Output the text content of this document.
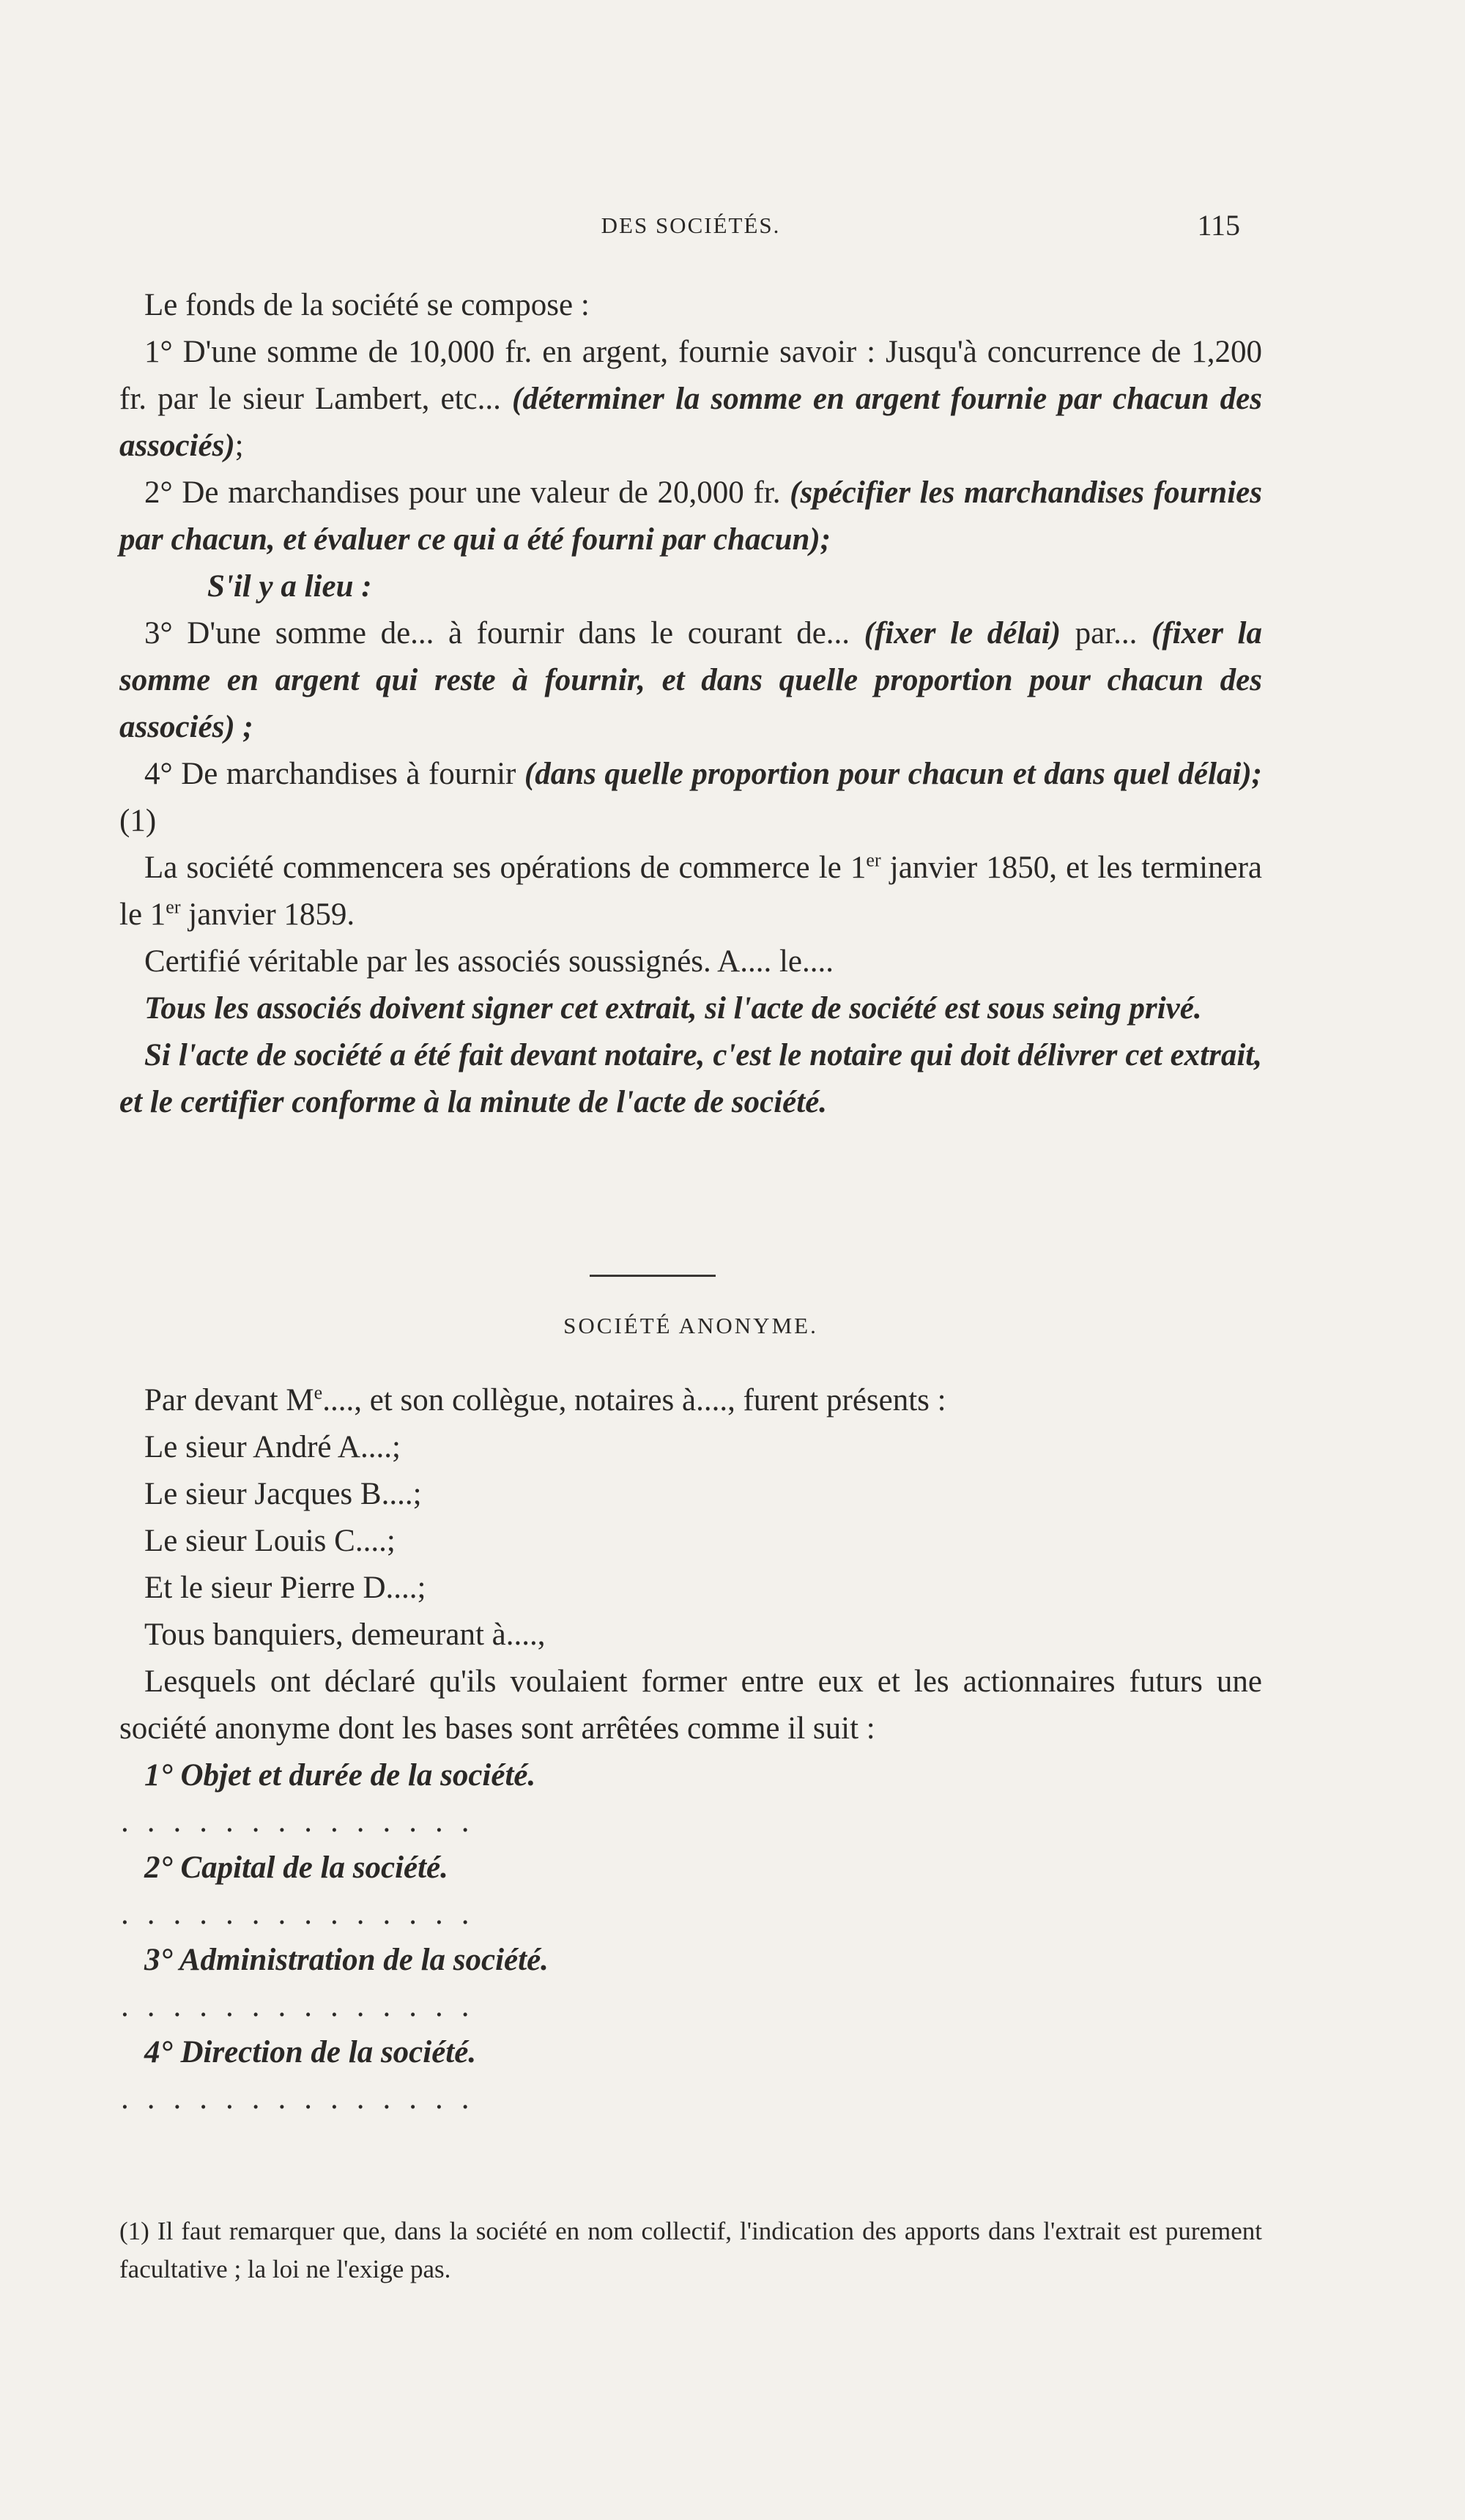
DES SOCIÉTÉS.	115

Le fonds de la société se compose :

1° D'une somme de 10,000 fr. en argent, fournie savoir : Jusqu'à concurrence de 1,200 fr. par le sieur Lambert, etc... (déterminer la somme en argent fournie par chacun des associés);

2° De marchandises pour une valeur de 20,000 fr. (spécifier les marchandises fournies par chacun, et évaluer ce qui a été fourni par chacun);

S'il y a lieu :

3° D'une somme de... à fournir dans le courant de... (fixer le délai) par... (fixer la somme en argent qui reste à fournir, et dans quelle proportion pour chacun des associés) ;

4° De marchandises à fournir (dans quelle proportion pour chacun et dans quel délai); (1)

La société commencera ses opérations de commerce le 1er janvier 1850, et les terminera le 1er janvier 1859.

Certifié véritable par les associés soussignés. A.... le....

Tous les associés doivent signer cet extrait, si l'acte de société est sous seing privé.

Si l'acte de société a été fait devant notaire, c'est le notaire qui doit délivrer cet extrait, et le certifier conforme à la minute de l'acte de société.

SOCIÉTÉ ANONYME.

Par devant Me...., et son collègue, notaires à...., furent présents :

Le sieur André A....;

Le sieur Jacques B....;

Le sieur Louis C....;

Et le sieur Pierre D....;

Tous banquiers, demeurant à....,

Lesquels ont déclaré qu'ils voulaient former entre eux et les actionnaires futurs une société anonyme dont les bases sont arrêtées comme il suit :

1° Objet et durée de la société.

..............

2° Capital de la société.

..............

3° Administration de la société.

..............

4° Direction de la société.

..............

(1) Il faut remarquer que, dans la société en nom collectif, l'indication des apports dans l'extrait est purement facultative ; la loi ne l'exige pas.
